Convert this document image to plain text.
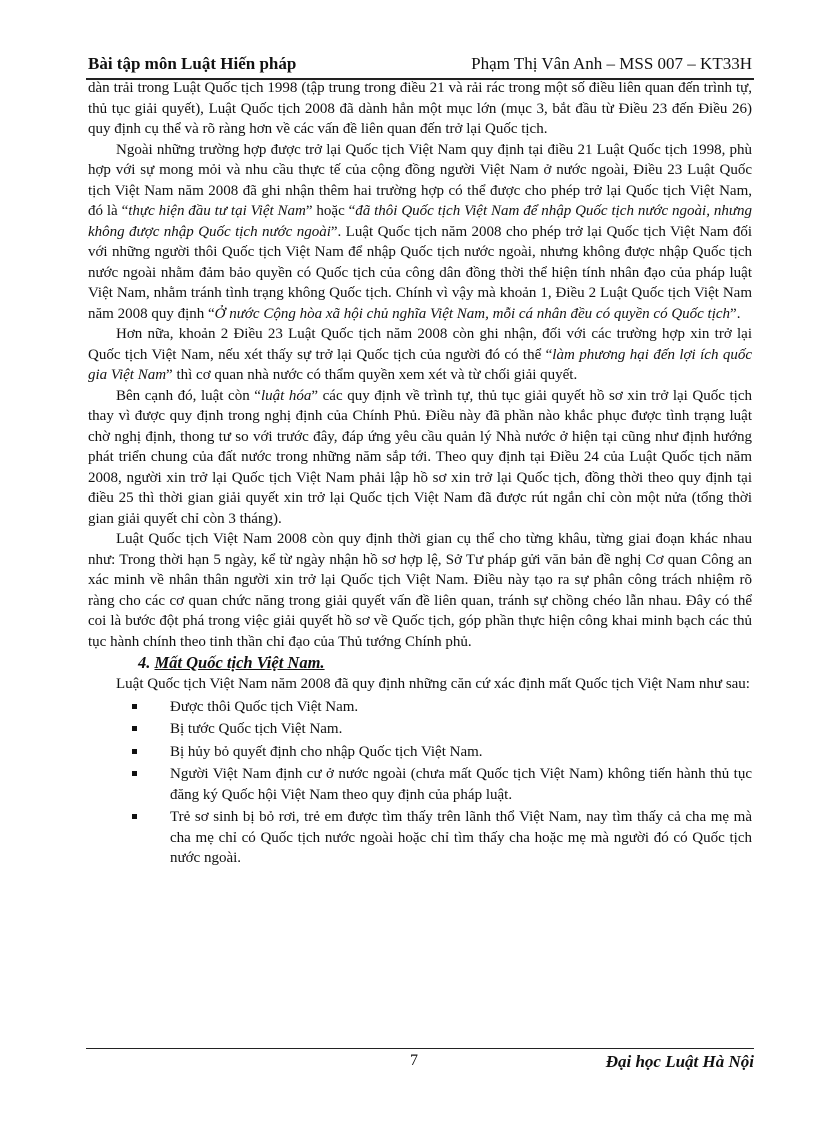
Bài tập môn Luật Hiến pháp	Phạm Thị Vân Anh – MSS 007 – KT33H

dàn trải trong Luật Quốc tịch 1998 (tập trung trong điều 21 và rải rác trong một số điều liên quan đến trình tự, thủ tục giải quyết), Luật Quốc tịch 2008 đã dành hẳn một mục lớn (mục 3, bắt đầu từ Điều 23 đến Điều 26) quy định cụ thể và rõ ràng hơn về các vấn đề liên quan đến trở lại Quốc tịch.

Ngoài những trường hợp được trở lại Quốc tịch Việt Nam quy định tại điều 21 Luật Quốc tịch 1998, phù hợp với sự mong mỏi và nhu cầu thực tế của cộng đồng người Việt Nam ở nước ngoài, Điều 23 Luật Quốc tịch Việt Nam năm 2008 đã ghi nhận thêm hai trường hợp có thể được cho phép trở lại Quốc tịch Việt Nam, đó là “thực hiện đầu tư tại Việt Nam” hoặc “đã thôi Quốc tịch Việt Nam để nhập Quốc tịch nước ngoài, nhưng không được nhập Quốc tịch nước ngoài”. Luật Quốc tịch năm 2008 cho phép trở lại Quốc tịch Việt Nam đối với những người thôi Quốc tịch Việt Nam để nhập Quốc tịch nước ngoài, nhưng không được nhập Quốc tịch nước ngoài nhằm đảm bảo quyền có Quốc tịch của công dân đồng thời thể hiện tính nhân đạo của pháp luật Việt Nam, nhằm tránh tình trạng không Quốc tịch. Chính vì vậy mà khoản 1, Điều 2 Luật Quốc tịch Việt Nam năm 2008 quy định “Ở nước Cộng hòa xã hội chủ nghĩa Việt Nam, mỗi cá nhân đều có quyền có Quốc tịch”.

Hơn nữa, khoản 2 Điều 23 Luật Quốc tịch năm 2008 còn ghi nhận, đối với các trường hợp xin trở lại Quốc tịch Việt Nam, nếu xét thấy sự trở lại Quốc tịch của người đó có thể “làm phương hại đến lợi ích quốc gia Việt Nam” thì cơ quan nhà nước có thẩm quyền xem xét và từ chối giải quyết.

Bên cạnh đó, luật còn “luật hóa” các quy định về trình tự, thủ tục giải quyết hồ sơ xin trở lại Quốc tịch thay vì được quy định trong nghị định của Chính Phủ. Điều này đã phần nào khắc phục được tình trạng luật chờ nghị định, thong tư so với trước đây, đáp ứng yêu cầu quản lý Nhà nước ở hiện tại cũng như định hướng phát triển chung của đất nước trong những năm sắp tới. Theo quy định tại Điều 24 của Luật Quốc tịch năm 2008, người xin trở lại Quốc tịch Việt Nam phải lập hồ sơ xin trở lại Quốc tịch, đồng thời theo quy định tại điều 25 thì thời gian giải quyết xin trở lại Quốc tịch Việt Nam đã được rút ngắn chỉ còn một nửa (tổng thời gian giải quyết chỉ còn 3 tháng).

Luật Quốc tịch Việt Nam 2008 còn quy định thời gian cụ thể cho từng khâu, từng giai đoạn khác nhau như: Trong thời hạn 5 ngày, kể từ ngày nhận hồ sơ hợp lệ, Sở Tư pháp gửi văn bản đề nghị Cơ quan Công an xác minh về nhân thân người xin trở lại Quốc tịch Việt Nam. Điều này tạo ra sự phân công trách nhiệm rõ ràng cho các cơ quan chức năng trong giải quyết vấn đề liên quan, tránh sự chồng chéo lẫn nhau. Đây có thể coi là bước đột phá trong việc giải quyết hồ sơ về Quốc tịch, góp phần thực hiện công khai minh bạch các thủ tục hành chính theo tinh thần chỉ đạo của Thủ tướng Chính phủ.

4. Mất Quốc tịch Việt Nam.

Luật Quốc tịch Việt Nam năm 2008 đã quy định những căn cứ xác định mất Quốc tịch Việt Nam như sau:

Được thôi Quốc tịch Việt Nam.
Bị tước Quốc tịch Việt Nam.
Bị hủy bỏ quyết định cho nhập Quốc tịch Việt Nam.
Người Việt Nam định cư ở nước ngoài (chưa mất Quốc tịch Việt Nam) không tiến hành thủ tục đăng ký Quốc hội Việt Nam theo quy định của pháp luật.
Trẻ sơ sinh bị bỏ rơi, trẻ em được tìm thấy trên lãnh thổ Việt Nam, nay tìm thấy cả cha mẹ mà cha mẹ chỉ có Quốc tịch nước ngoài hoặc chỉ tìm thấy cha hoặc mẹ mà người đó có Quốc tịch nước ngoài.
7	Đại học Luật Hà Nội
